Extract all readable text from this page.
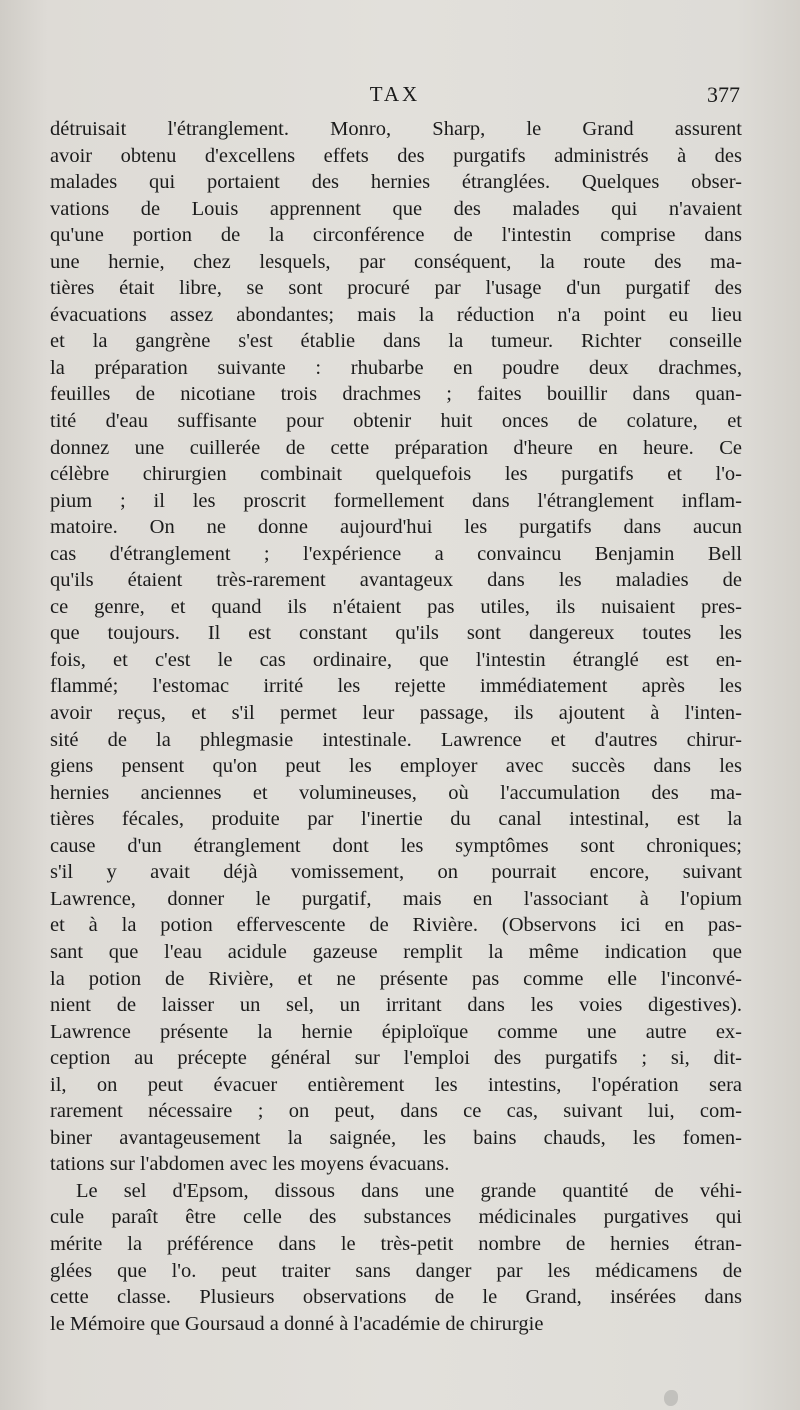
TAX	377
détruisait l'étranglement. Monro, Sharp, le Grand assurent
avoir obtenu d'excellens effets des purgatifs administrés à des
malades qui portaient des hernies étranglées. Quelques obser-
vations de Louis apprennent que des malades qui n'avaient
qu'une portion de la circonférence de l'intestin comprise dans
une hernie, chez lesquels, par conséquent, la route des ma-
tières était libre, se sont procuré par l'usage d'un purgatif des
évacuations assez abondantes; mais la réduction n'a point eu lieu
et la gangrène s'est établie dans la tumeur. Richter conseille
la préparation suivante : rhubarbe en poudre deux drachmes,
feuilles de nicotiane trois drachmes ; faites bouillir dans quan-
tité d'eau suffisante pour obtenir huit onces de colature, et
donnez une cuillerée de cette préparation d'heure en heure. Ce
célèbre chirurgien combinait quelquefois les purgatifs et l'o-
pium ; il les proscrit formellement dans l'étranglement inflam-
matoire. On ne donne aujourd'hui les purgatifs dans aucun
cas d'étranglement ; l'expérience a convaincu Benjamin Bell
qu'ils étaient très-rarement avantageux dans les maladies de
ce genre, et quand ils n'étaient pas utiles, ils nuisaient pres-
que toujours. Il est constant qu'ils sont dangereux toutes les
fois, et c'est le cas ordinaire, que l'intestin étranglé est en-
flammé; l'estomac irrité les rejette immédiatement après les
avoir reçus, et s'il permet leur passage, ils ajoutent à l'inten-
sité de la phlegmasie intestinale. Lawrence et d'autres chirur-
giens pensent qu'on peut les employer avec succès dans les
hernies anciennes et volumineuses, où l'accumulation des ma-
tières fécales, produite par l'inertie du canal intestinal, est la
cause d'un étranglement dont les symptômes sont chroniques;
s'il y avait déjà vomissement, on pourrait encore, suivant
Lawrence, donner le purgatif, mais en l'associant à l'opium
et à la potion effervescente de Rivière. (Observons ici en pas-
sant que l'eau acidule gazeuse remplit la même indication que
la potion de Rivière, et ne présente pas comme elle l'inconvé-
nient de laisser un sel, un irritant dans les voies digestives).
Lawrence présente la hernie épiploïque comme une autre ex-
ception au précepte général sur l'emploi des purgatifs ; si, dit-
il, on peut évacuer entièrement les intestins, l'opération sera
rarement nécessaire ; on peut, dans ce cas, suivant lui, com-
biner avantageusement la saignée, les bains chauds, les fomen-
tations sur l'abdomen avec les moyens évacuans.
Le sel d'Epsom, dissous dans une grande quantité de véhi-
cule paraît être celle des substances médicinales purgatives qui
mérite la préférence dans le très-petit nombre de hernies étran-
glées que l'o. peut traiter sans danger par les médicamens de
cette classe. Plusieurs observations de le Grand, insérées dans
le Mémoire que Goursaud a donné à l'académie de chirurgie
